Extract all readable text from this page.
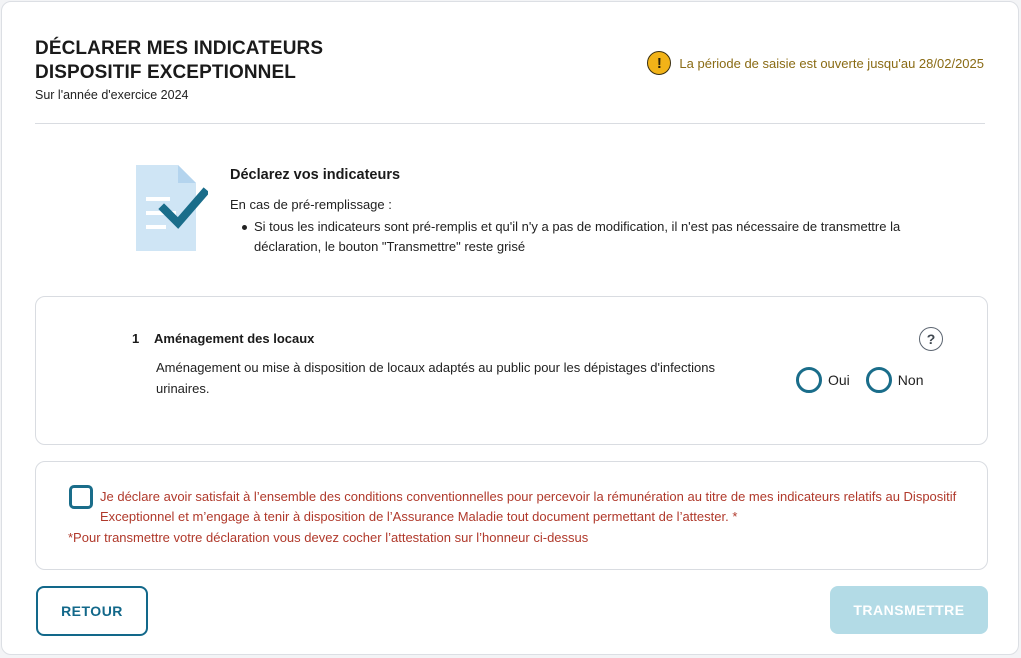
DÉCLARER MES INDICATEURS
DISPOSITIF EXCEPTIONNEL
Sur l'année d'exercice 2024
!	La période de saisie est ouverte jusqu'au 28/02/2025
Déclarez vos indicateurs
En cas de pré-remplissage :
Si tous les indicateurs sont pré-remplis et qu'il n'y a pas de modification, il n'est pas nécessaire de transmettre la déclaration, le bouton "Transmettre" reste grisé
1 Aménagement des locaux
Aménagement ou mise à disposition de locaux adaptés au public pour les dépistages d'infections urinaires.
?
Oui	Non
Je déclare avoir satisfait à l’ensemble des conditions conventionnelles pour percevoir la rémunération au titre de mes indicateurs relatifs au Dispositif Exceptionnel et m’engage à tenir à disposition de l’Assurance Maladie tout document permettant de l’attester. *
*Pour transmettre votre déclaration vous devez cocher l’attestation sur l’honneur ci-dessus
RETOUR	TRANSMETTRE
